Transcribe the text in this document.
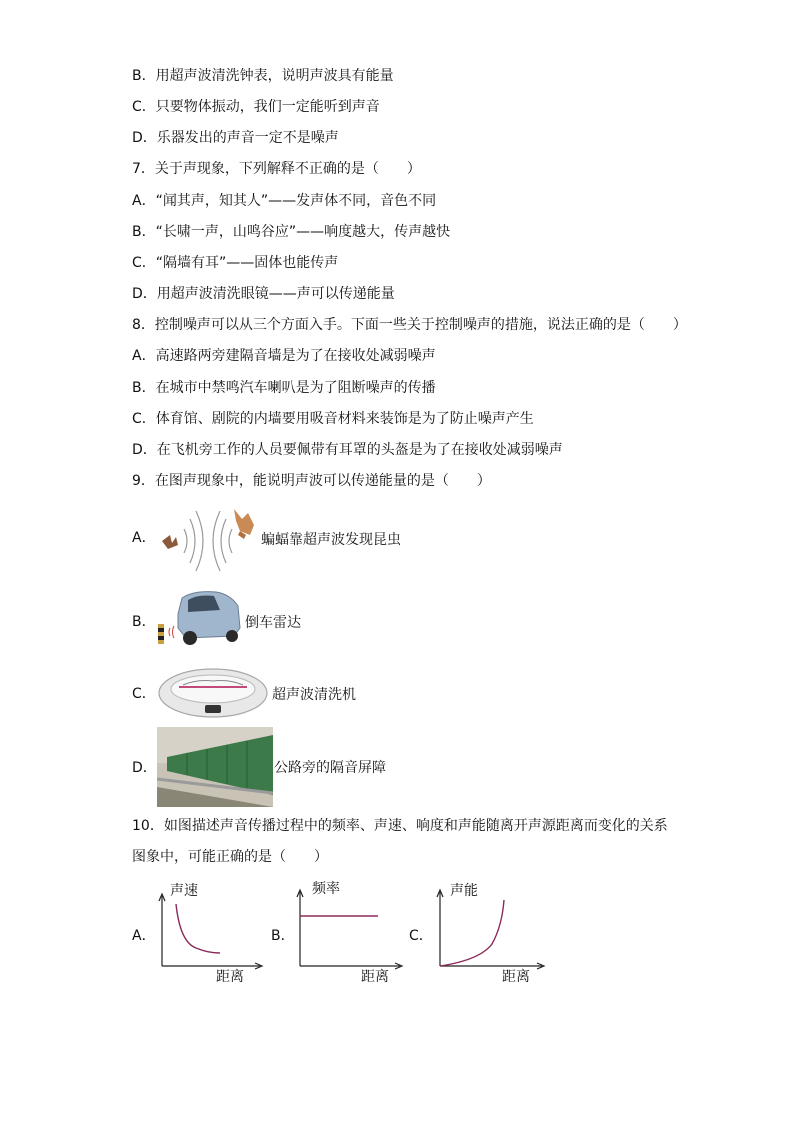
B．用超声波清洗钟表，说明声波具有能量
C．只要物体振动，我们一定能听到声音
D．乐器发出的声音一定不是噪声
7．关于声现象，下列解释不正确的是（　　）
A．“闻其声，知其人”——发声体不同，音色不同
B．“长啸一声，山鸣谷应”——响度越大，传声越快
C．“隔墙有耳”——固体也能传声
D．用超声波清洗眼镜——声可以传递能量
8．控制噪声可以从三个方面入手。下面一些关于控制噪声的措施，说法正确的是（　　）
A．高速路两旁建隔音墙是为了在接收处减弱噪声
B．在城市中禁鸣汽车喇叭是为了阻断噪声的传播
C．体育馆、剧院的内墙要用吸音材料来装饰是为了防止噪声产生
D．在飞机旁工作的人员要佩带有耳罩的头盔是为了在接收处减弱噪声
9．在图声现象中，能说明声波可以传递能量的是（　　）
A．	蝙蝠靠超声波发现昆虫
B．	倒车雷达
C．	超声波清洗机
D．	公路旁的隔音屏障
10．如图描述声音传播过程中的频率、声速、响度和声能随离开声源距离而变化的关系
图象中，可能正确的是（　　）
A．
声速
距离
B．
频率
距离
C．
声能
距离
